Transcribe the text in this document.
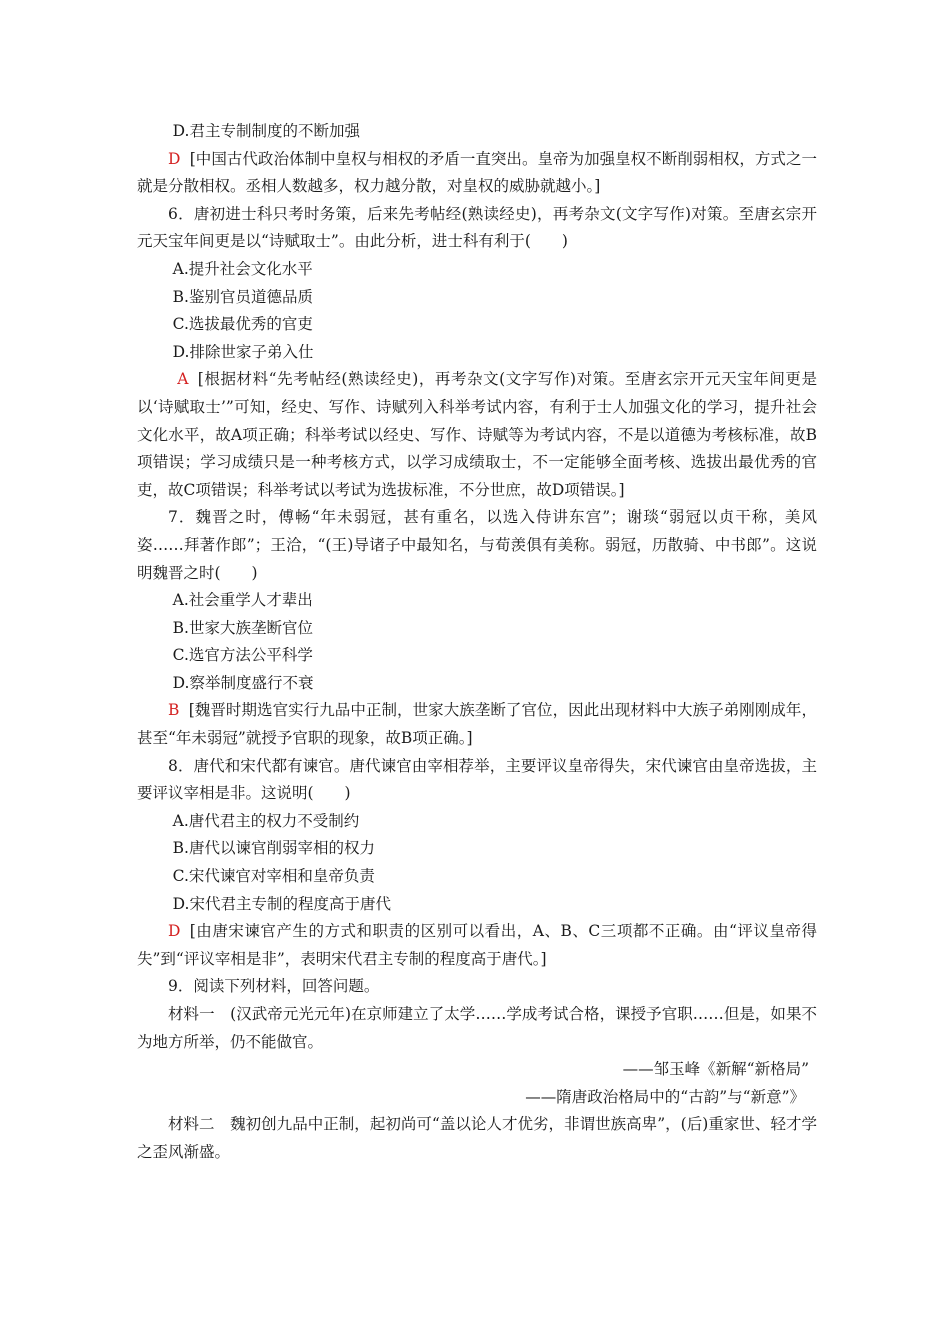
D.君主专制制度的不断加强

D [中国古代政治体制中皇权与相权的矛盾一直突出。皇帝为加强皇权不断削弱相权，方式之一就是分散相权。丞相人数越多，权力越分散，对皇权的威胁就越小。]

6．唐初进士科只考时务策，后来先考帖经(熟读经史)，再考杂文(文字写作)对策。至唐玄宗开元天宝年间更是以“诗赋取士”。由此分析，进士科有利于(　　)

A.提升社会文化水平

B.鉴别官员道德品质

C.选拔最优秀的官吏

D.排除世家子弟入仕

A [根据材料“先考帖经(熟读经史)，再考杂文(文字写作)对策。至唐玄宗开元天宝年间更是以‘诗赋取士’”可知，经史、写作、诗赋列入科举考试内容，有利于士人加强文化的学习，提升社会文化水平，故A项正确；科举考试以经史、写作、诗赋等为考试内容，不是以道德为考核标准，故B项错误；学习成绩只是一种考核方式，以学习成绩取士，不一定能够全面考核、选拔出最优秀的官吏，故C项错误；科举考试以考试为选拔标准，不分世庶，故D项错误。]

7．魏晋之时，傅畅“年未弱冠，甚有重名，以选入侍讲东宫”；谢琰“弱冠以贞干称，美风姿……拜著作郎”；王洽，“(王)导诸子中最知名，与荀羡俱有美称。弱冠，历散骑、中书郎”。这说明魏晋之时(　　)

A.社会重学人才辈出

B.世家大族垄断官位

C.选官方法公平科学

D.察举制度盛行不衰

B [魏晋时期选官实行九品中正制，世家大族垄断了官位，因此出现材料中大族子弟刚刚成年，甚至“年未弱冠”就授予官职的现象，故B项正确。]

8．唐代和宋代都有谏官。唐代谏官由宰相荐举，主要评议皇帝得失，宋代谏官由皇帝选拔，主要评议宰相是非。这说明(　　)

A.唐代君主的权力不受制约

B.唐代以谏官削弱宰相的权力

C.宋代谏官对宰相和皇帝负责

D.宋代君主专制的程度高于唐代

D [由唐宋谏官产生的方式和职责的区别可以看出，A、B、C三项都不正确。由“评议皇帝得失”到“评议宰相是非”，表明宋代君主专制的程度高于唐代。]

9．阅读下列材料，回答问题。

材料一　(汉武帝元光元年)在京师建立了太学……学成考试合格，课授予官职……但是，如果不为地方所举，仍不能做官。

——邹玉峰《新解“新格局”

——隋唐政治格局中的“古韵”与“新意”》

材料二　魏初创九品中正制，起初尚可“盖以论人才优劣，非谓世族高卑”，(后)重家世、轻才学之歪风渐盛。
